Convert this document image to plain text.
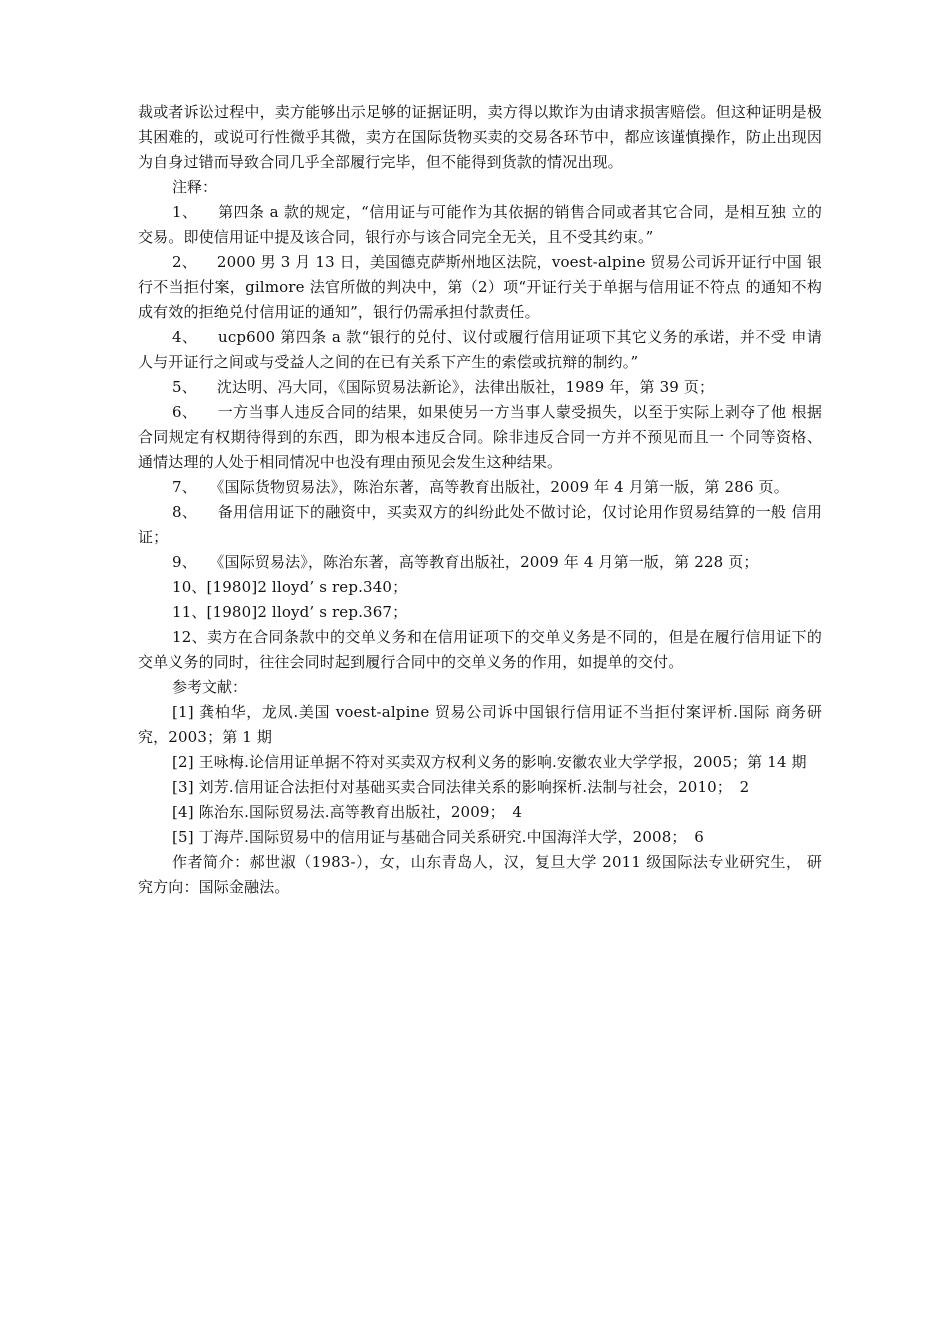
裁或者诉讼过程中，卖方能够出示足够的证据证明，卖方得以欺诈为由请求损害赔偿。但这种证明是极其困难的，或说可行性微乎其微，卖方在国际货物买卖的交易各环节中，都应该谨慎操作，防止出现因为自身过错而导致合同几乎全部履行完毕，但不能得到货款的情况出现。

注释：

1、 　第四条 a 款的规定，“信用证与可能作为其依据的销售合同或者其它合同，是相互独 立的交易。即使信用证中提及该合同，银行亦与该合同完全无关，且不受其约束。”

2、 　2000 男 3 月 13 日，美国德克萨斯州地区法院，voest-alpine 贸易公司诉开证行中国 银行不当拒付案，gilmore 法官所做的判决中，第（2）项“开证行关于单据与信用证不符点 的通知不构成有效的拒绝兑付信用证的通知”，银行仍需承担付款责任。

4、 　ucp600 第四条 a 款“银行的兑付、议付或履行信用证项下其它义务的承诺，并不受 申请人与开证行之间或与受益人之间的在已有关系下产生的索偿或抗辩的制约。”

5、 　沈达明、冯大同，《国际贸易法新论》，法律出版社，1989 年，第 39 页；

6、 　一方当事人违反合同的结果，如果使另一方当事人蒙受损失，以至于实际上剥夺了他 根据合同规定有权期待得到的东西，即为根本违反合同。除非违反合同一方并不预见而且一 个同等资格、通情达理的人处于相同情况中也没有理由预见会发生这种结果。

7、 　《国际货物贸易法》，陈治东著，高等教育出版社，2009 年 4 月第一版，第 286 页。

8、 　备用信用证下的融资中，买卖双方的纠纷此处不做讨论，仅讨论用作贸易结算的一般 信用证；

9、 　《国际贸易法》，陈治东著，高等教育出版社，2009 年 4 月第一版，第 228 页；

10、[1980]2 lloyd’ s rep.340；

11、[1980]2 lloyd’ s rep.367；

12、卖方在合同条款中的交单义务和在信用证项下的交单义务是不同的，但是在履行信用证下的交单义务的同时，往往会同时起到履行合同中的交单义务的作用，如提单的交付。

参考文献：

[1] 龚柏华，龙凤.美国 voest-alpine 贸易公司诉中国银行信用证不当拒付案评析.国际 商务研究，2003；第 1 期

[2] 王咏梅.论信用证单据不符对买卖双方权利义务的影响.安徽农业大学学报，2005；第 14 期

[3] 刘芳.信用证合法拒付对基础买卖合同法律关系的影响探析.法制与社会，2010；　2

[4] 陈治东.国际贸易法.高等教育出版社，2009；　4

[5] 丁海芹.国际贸易中的信用证与基础合同关系研究.中国海洋大学，2008；　6

作者简介：郝世淑（1983-），女，山东青岛人，汉，复旦大学 2011 级国际法专业研究生， 研究方向：国际金融法。
